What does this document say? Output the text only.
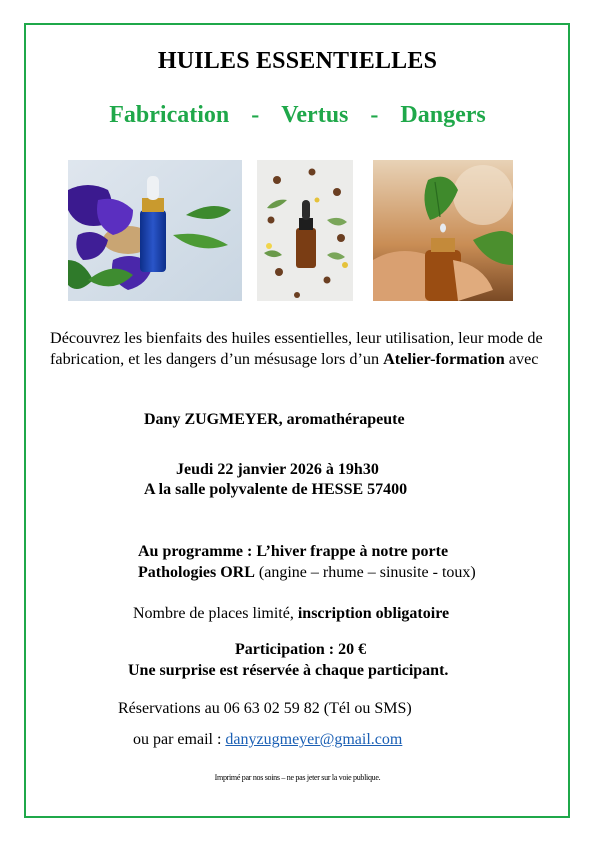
HUILES ESSENTIELLES
Fabrication - Vertus - Dangers
Découvrez les bienfaits des huiles essentielles, leur utilisation, leur mode de fabrication, et les dangers d’un mésusage lors d’un Atelier-formation avec
Dany ZUGMEYER, aromathérapeute
Jeudi 22 janvier 2026 à 19h30
A la salle polyvalente de HESSE 57400
Au programme : L’hiver frappe à notre porte
Pathologies ORL (angine – rhume – sinusite - toux)
Nombre de places limité, inscription obligatoire
Participation : 20 €
Une surprise est réservée à chaque participant.
Réservations au 06 63 02 59 82 (Tél ou SMS)
ou par email : danyzugmeyer@gmail.com
Imprimé par nos soins – ne pas jeter sur la voie publique.
